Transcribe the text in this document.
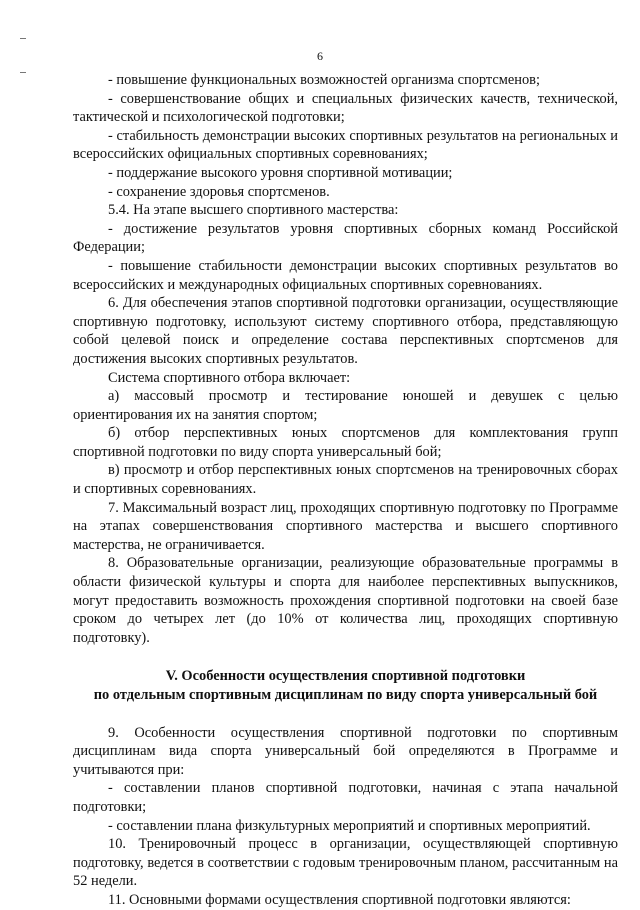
6

- повышение функциональных возможностей организма спортсменов;

- совершенствование общих и специальных физических качеств, технической, тактической и психологической подготовки;

- стабильность демонстрации высоких спортивных результатов на региональных и всероссийских официальных спортивных соревнованиях;

- поддержание высокого уровня спортивной мотивации;

- сохранение здоровья спортсменов.

5.4. На этапе высшего спортивного мастерства:

- достижение результатов уровня спортивных сборных команд Российской Федерации;

- повышение стабильности демонстрации высоких спортивных результатов во всероссийских и международных официальных спортивных соревнованиях.

6. Для обеспечения этапов спортивной подготовки организации, осуществляющие спортивную подготовку, используют систему спортивного отбора, представляющую собой целевой поиск и определение состава перспективных спортсменов для достижения высоких спортивных результатов.

Система спортивного отбора включает:

а) массовый просмотр и тестирование юношей и девушек с целью ориентирования их на занятия спортом;

б) отбор перспективных юных спортсменов для комплектования групп спортивной подготовки по виду спорта универсальный бой;

в) просмотр и отбор перспективных юных спортсменов на тренировочных сборах и спортивных соревнованиях.

7. Максимальный возраст лиц, проходящих спортивную подготовку по Программе на этапах совершенствования спортивного мастерства и высшего спортивного мастерства, не ограничивается.

8. Образовательные организации, реализующие образовательные программы в области физической культуры и спорта для наиболее перспективных выпускников, могут предоставить возможность прохождения спортивной подготовки на своей базе сроком до четырех лет (до 10% от количества лиц, проходящих спортивную подготовку).

V. Особенности осуществления спортивной подготовки
по отдельным спортивным дисциплинам по виду спорта универсальный бой

9. Особенности осуществления спортивной подготовки по спортивным дисциплинам вида спорта универсальный бой определяются в Программе и учитываются при:

- составлении планов спортивной подготовки, начиная с этапа начальной подготовки;

- составлении плана физкультурных мероприятий и спортивных мероприятий.

10. Тренировочный процесс в организации, осуществляющей спортивную подготовку, ведется в соответствии с годовым тренировочным планом, рассчитанным на 52 недели.

11. Основными формами осуществления спортивной подготовки являются:
